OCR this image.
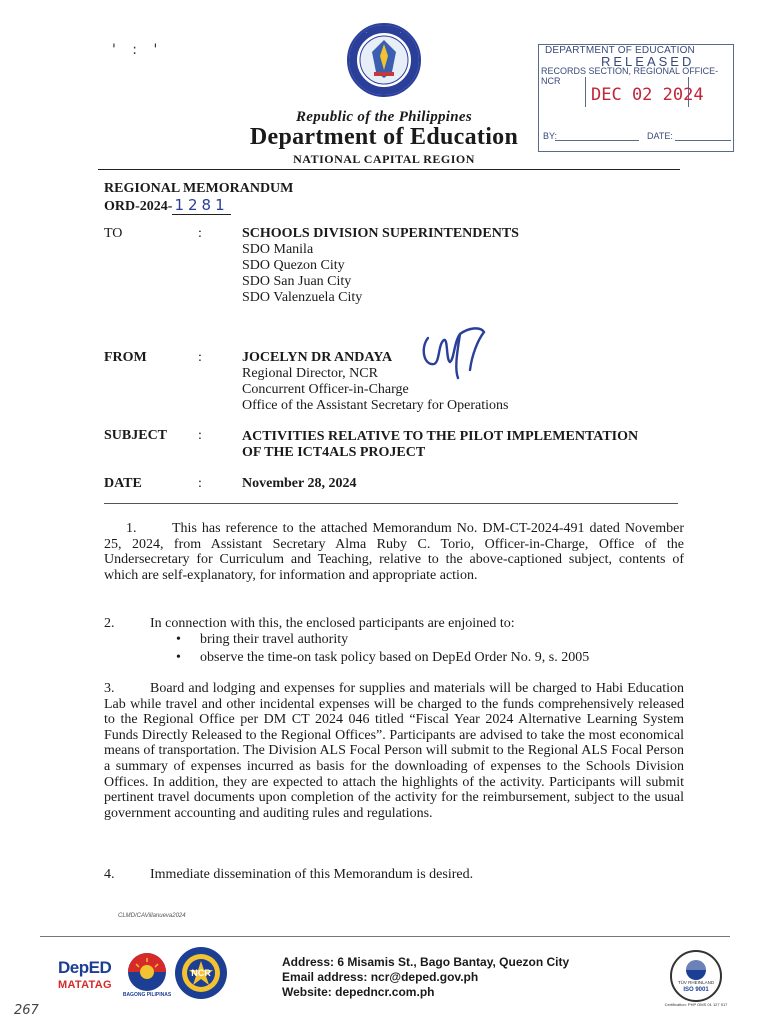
' : '
·	·
DEPARTMENT OF EDUCATION
RELEASED
RECORDS SECTION, REGIONAL OFFICE-NCR
DEC 02 2024
BY:	DATE:
Republic of the Philippines
Department of Education
NATIONAL CAPITAL REGION
REGIONAL MEMORANDUM
ORD-2024- 1281
TO	:	SCHOOLS DIVISION SUPERINTENDENTS
SDO Manila
SDO Quezon City
SDO San Juan City
SDO Valenzuela City
FROM	:	JOCELYN DR ANDAYA
Regional Director, NCR
Concurrent Officer-in-Charge
Office of the Assistant Secretary for Operations
SUBJECT :	ACTIVITIES RELATIVE TO THE PILOT IMPLEMENTATION
OF THE ICT4ALS PROJECT
DATE	:	November 28, 2024
1.	This has reference to the attached Memorandum No. DM-CT-2024-491 dated November 25, 2024, from Assistant Secretary Alma Ruby C. Torio, Officer-in-Charge, Office of the Undersecretary for Curriculum and Teaching, relative to the above-captioned subject, contents of which are self-explanatory, for information and appropriate action.
2.	In connection with this, the enclosed participants are enjoined to:
• bring their travel authority
• observe the time-on task policy based on DepEd Order No. 9, s. 2005
3.	Board and lodging and expenses for supplies and materials will be charged to Habi Education Lab while travel and other incidental expenses will be charged to the funds comprehensively released to the Regional Office per DM CT 2024 046 titled “Fiscal Year 2024 Alternative Learning System Funds Directly Released to the Regional Offices”. Participants are advised to take the most economical means of transportation. The Division ALS Focal Person will submit to the Regional ALS Focal Person a summary of expenses incurred as basis for the downloading of expenses to the Schools Division Offices. In addition, they are expected to attach the highlights of the activity. Participants will submit pertinent travel documents upon completion of the activity for the reimbursement, subject to the usual government accounting and auditing rules and regulations.
4.	Immediate dissemination of this Memorandum is desired.
CLMD/CAVillanueva2024
DepED
MATATAG
BAGONG PILIPINAS
NCR
Address: 6 Misamis St., Bago Bantay, Quezon City
Email address: ncr@deped.gov.ph
Website: depedncr.com.ph
TÜV RHEINLAND
ISO 9001
Certification: PHP OMS 01 127 917
267
